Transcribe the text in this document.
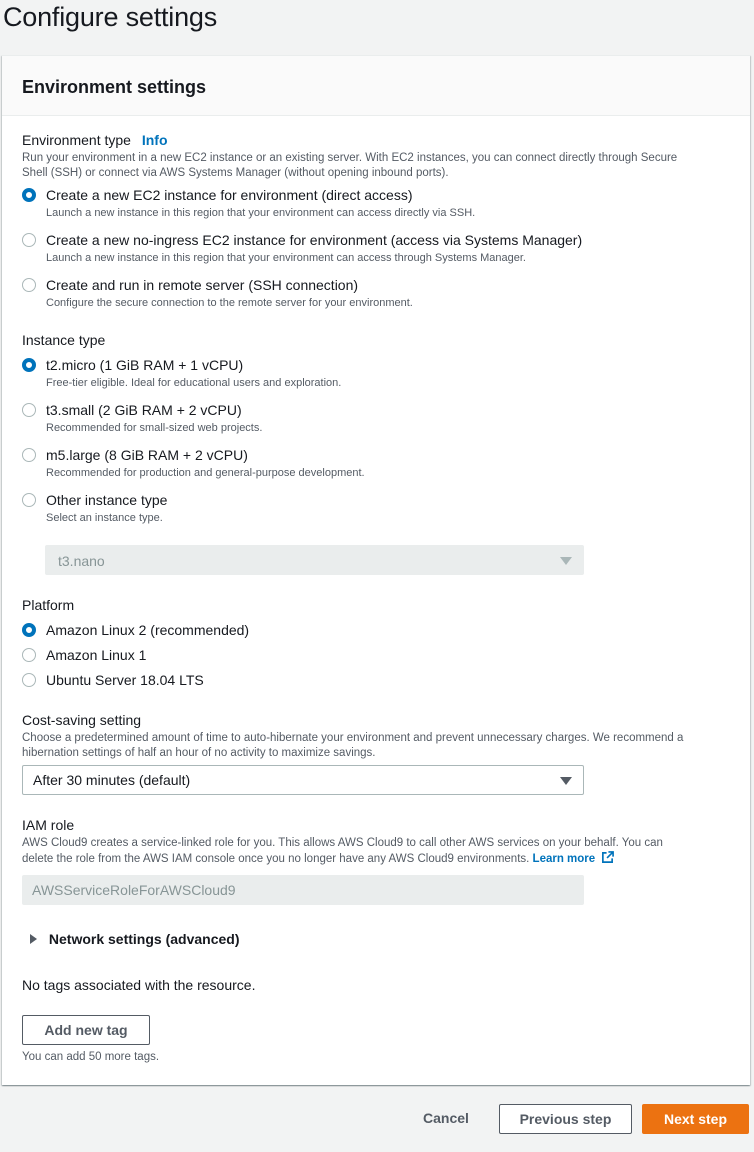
Configure settings
Environment settings
Environment type Info
Run your environment in a new EC2 instance or an existing server. With EC2 instances, you can connect directly through Secure
Shell (SSH) or connect via AWS Systems Manager (without opening inbound ports).
Create a new EC2 instance for environment (direct access)
Launch a new instance in this region that your environment can access directly via SSH.
Create a new no-ingress EC2 instance for environment (access via Systems Manager)
Launch a new instance in this region that your environment can access through Systems Manager.
Create and run in remote server (SSH connection)
Configure the secure connection to the remote server for your environment.
Instance type
t2.micro (1 GiB RAM + 1 vCPU)
Free-tier eligible. Ideal for educational users and exploration.
t3.small (2 GiB RAM + 2 vCPU)
Recommended for small-sized web projects.
m5.large (8 GiB RAM + 2 vCPU)
Recommended for production and general-purpose development.
Other instance type
Select an instance type.
t3.nano
Platform
Amazon Linux 2 (recommended)
Amazon Linux 1
Ubuntu Server 18.04 LTS
Cost-saving setting
Choose a predetermined amount of time to auto-hibernate your environment and prevent unnecessary charges. We recommend a
hibernation settings of half an hour of no activity to maximize savings.
After 30 minutes (default)
IAM role
AWS Cloud9 creates a service-linked role for you. This allows AWS Cloud9 to call other AWS services on your behalf. You can
delete the role from the AWS IAM console once you no longer have any AWS Cloud9 environments. Learn more
AWSServiceRoleForAWSCloud9
Network settings (advanced)
No tags associated with the resource.
Add new tag
You can add 50 more tags.
Cancel	Previous step	Next step
